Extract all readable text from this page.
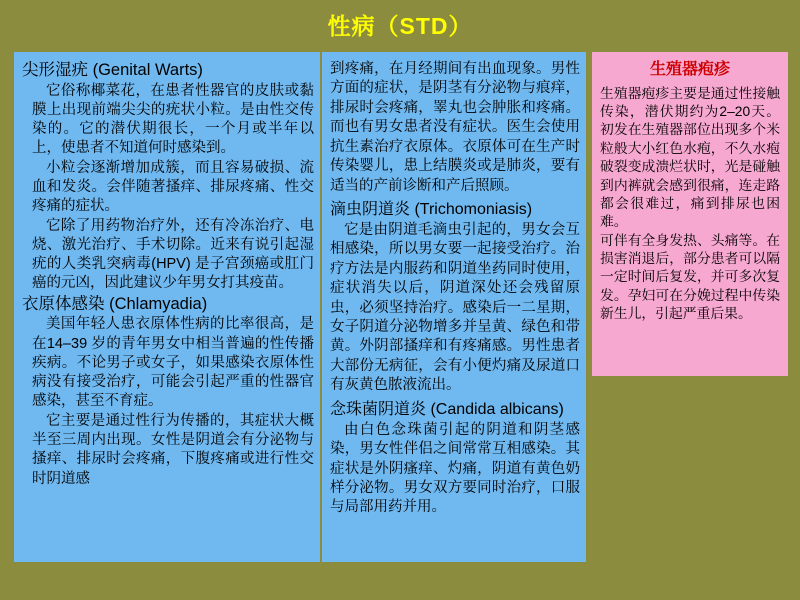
性病（STD）
尖形湿疣 (Genital Warts)

它俗称椰菜花，在患者性器官的皮肤或黏膜上出现前端尖尖的疣状小粒。是由性交传染的。它的潜伏期很长，一个月或半年以上，使患者不知道何时感染到。

小粒会逐渐增加成簇，而且容易破损、流血和发炎。会伴随著搔痒、排尿疼痛、性交疼痛的症状。

它除了用药物治疗外，还有冷冻治疗、电烧、激光治疗、手术切除。近来有说引起湿疣的人类乳突病毒(HPV) 是子宫颈癌或肛门癌的元凶，因此建议少年男女打其疫苗。

衣原体感染 (Chlamyadia)

美国年轻人患衣原体性病的比率很高，是在14–39 岁的青年男女中相当普遍的性传播疾病。不论男子或女子，如果感染衣原体性病没有接受治疗，可能会引起严重的性器官感染，甚至不育症。

它主要是通过性行为传播的，其症状大概半至三周内出现。女性是阴道会有分泌物与搔痒、排尿时会疼痛，下腹疼痛或进行性交时阴道感

到疼痛，在月经期间有出血现象。男性方面的症状，是阴茎有分泌物与痕痒，排尿时会疼痛，睪丸也会肿胀和疼痛。而也有男女患者没有症状。医生会使用抗生素治疗衣原体。衣原体可在生产时传染婴儿，患上结膜炎或是肺炎，要有适当的产前诊断和产后照顾。

滴虫阴道炎 (Trichomoniasis)

它是由阴道毛滴虫引起的，男女会互相感染，所以男女要一起接受治疗。治疗方法是内服药和阴道坐药同时使用，症状消失以后，阴道深处还会残留原虫，必须坚持治疗。感染后一二星期，女子阴道分泌物增多并呈黄、绿色和带黄。外阴部搔痒和有疼痛感。男性患者大部份无病征，会有小便灼痛及尿道口有灰黄色脓液流出。

念珠菌阴道炎 (Candida albicans)

由白色念珠菌引起的阴道和阴茎感染，男女性伴侣之间常常互相感染。其症状是外阴瘙痒、灼痛，阴道有黄色奶样分泌物。男女双方要同时治疗，口服与局部用药并用。

生殖器疱疹

生殖器疱疹主要是通过性接触传染，潜伏期约为2–20天。初发在生殖器部位出现多个米粒般大小红色水疱，不久水疱破裂变成溃烂状时，光是碰触到内裤就会感到很痛，连走路都会很难过，痛到排尿也困难。

可伴有全身发热、头痛等。在损害消退后，部分患者可以隔一定时间后复发，并可多次复发。孕妇可在分娩过程中传染新生儿，引起严重后果。
